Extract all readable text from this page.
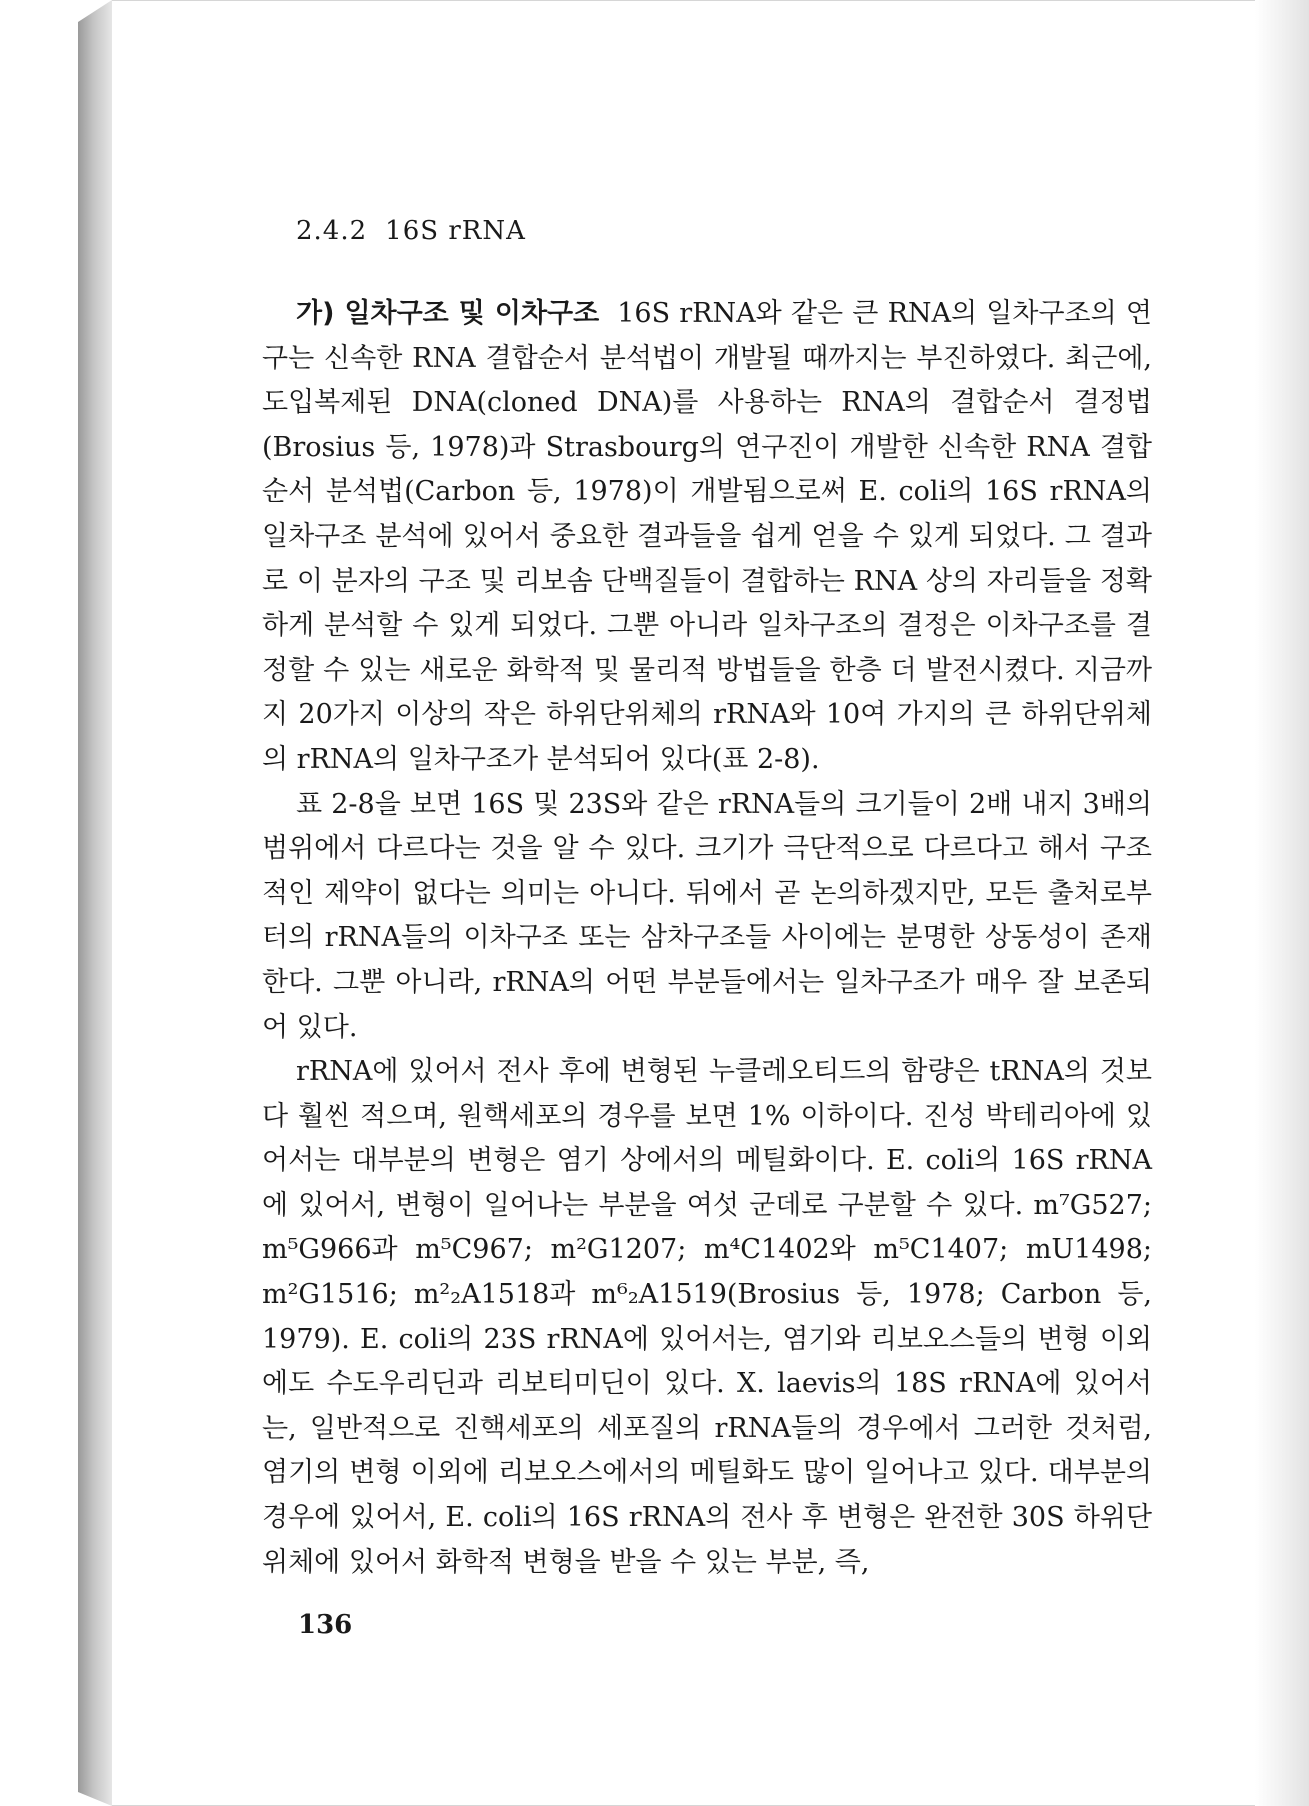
2.4.2 16S rRNA

가) 일차구조 및 이차구조 16S rRNA와 같은 큰 RNA의 일차구조의 연구는 신속한 RNA 결합순서 분석법이 개발될 때까지는 부진하였다. 최근에, 도입복제된 DNA(cloned DNA)를 사용하는 RNA의 결합순서 결정법(Brosius 등, 1978)과 Strasbourg의 연구진이 개발한 신속한 RNA 결합순서 분석법(Carbon 등, 1978)이 개발됨으로써 E. coli의 16S rRNA의 일차구조 분석에 있어서 중요한 결과들을 쉽게 얻을 수 있게 되었다. 그 결과로 이 분자의 구조 및 리보솜 단백질들이 결합하는 RNA 상의 자리들을 정확하게 분석할 수 있게 되었다. 그뿐 아니라 일차구조의 결정은 이차구조를 결정할 수 있는 새로운 화학적 및 물리적 방법들을 한층 더 발전시켰다. 지금까지 20가지 이상의 작은 하위단위체의 rRNA와 10여 가지의 큰 하위단위체의 rRNA의 일차구조가 분석되어 있다(표 2-8).

표 2-8을 보면 16S 및 23S와 같은 rRNA들의 크기들이 2배 내지 3배의 범위에서 다르다는 것을 알 수 있다. 크기가 극단적으로 다르다고 해서 구조적인 제약이 없다는 의미는 아니다. 뒤에서 곧 논의하겠지만, 모든 출처로부터의 rRNA들의 이차구조 또는 삼차구조들 사이에는 분명한 상동성이 존재한다. 그뿐 아니라, rRNA의 어떤 부분들에서는 일차구조가 매우 잘 보존되어 있다.

rRNA에 있어서 전사 후에 변형된 누클레오티드의 함량은 tRNA의 것보다 훨씬 적으며, 원핵세포의 경우를 보면 1% 이하이다. 진성 박테리아에 있어서는 대부분의 변형은 염기 상에서의 메틸화이다. E. coli의 16S rRNA에 있어서, 변형이 일어나는 부분을 여섯 군데로 구분할 수 있다. m⁷G527; m⁵G966과 m⁵C967; m²G1207; m⁴C1402와 m⁵C1407; mU1498; m²G1516; m²₂A1518과 m⁶₂A1519(Brosius 등, 1978; Carbon 등, 1979). E. coli의 23S rRNA에 있어서는, 염기와 리보오스들의 변형 이외에도 수도우리딘과 리보티미딘이 있다. X. laevis의 18S rRNA에 있어서는, 일반적으로 진핵세포의 세포질의 rRNA들의 경우에서 그러한 것처럼, 염기의 변형 이외에 리보오스에서의 메틸화도 많이 일어나고 있다. 대부분의 경우에 있어서, E. coli의 16S rRNA의 전사 후 변형은 완전한 30S 하위단위체에 있어서 화학적 변형을 받을 수 있는 부분, 즉,

136
